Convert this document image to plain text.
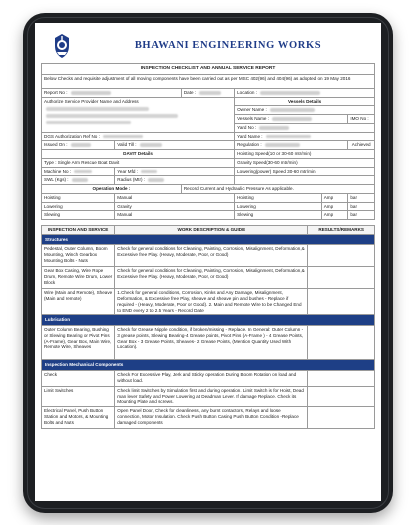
BHAWANI ENGINEERING WORKS
INSPECTION CHECKLIST AND ANNUAL SERVICE REPORT					
Below Checks and requisite adjustment of all moving components have been carried out as per MSC 402(96) and 404(96) as adopted on 19 May 2016					
Report No :		Date :	Location :		

Authorize Service Provider Name and Address			Vessels Details		
			Owner Name :		
			Vessels Name :		IMO No :
			Yard No :		
DGS Authorization Ref No :			Yard Name :		
Issued On :	Valid Till :		Regulation :		Achieved
DAVIT Details			Hoisting Speed(10 or 30-60 mtr/min)		
Type : Single Arm Rescue Boat Davit			Gravity Speed(30-60 mtr/min)		
Machine No :	Year Mfd :		Lowering(power) Speed 30-60 mtr/min		
SWL (Kgs) :	Radius (Mtr) :				
Operation Mode :		Record Current and Hydraulic Pressure As applicable.			
Hoisting	Manual		Hoisting	Amp	bar
Lowering	Gravity		Lowering	Amp	bar
Slewing	Manual		Slewing	Amp	bar
INSPECTION AND SERVICE	WORK DESCRIPTION & GUIDE	RESULTS/REMARKS
Structures		
Pedestal, Outer Column, Boom Mounting, Winch Gearbox Mounting Bolts - Nuts	Check for general conditions for Cleaning, Painting, Corrosion, Misalignment, Deformation,& Excessive free Play. (Heavy, Moderate, Poor, or Good)	
Gear Box Casing, Wire Rope Drum, Remote Wire Drum, Lower Block	Check for general conditions for Cleaning, Painting, Corrosion, Misalignment, Deformation,& Excessive free Play. (Heavy, Moderate, Poor, or Good)	
Wire (Main and Remote), Sheave (Main and remote)	1.Check for general conditions, Corrosion, Kinks and Any Damage, Misalignment, Deformation, & Excessive free Play, sheave and sheave pin and bushes - Replace if required - (Heavy, Moderate, Poor or Good). 2. Main and Remote Wire to be Changed End to END every 2 to 2.5 Years - Record Date	
Lubrication		
Outer Column Bearing, Bushing or Slewing Bearing or Pivot Pins (A-Frame), Gear Box, Main Wire, Remote Wire, Sheaves	Check for Grease Nipple condition, if broken/missing - Replace. In General: Outer Column - 3 grease points, Slewing Bearing-4 Grease points, Pivot Pins (A-Frame ) - 4 Grease Points, Gear Box - 3 Grease Points, Sheaves- 2 Grease Points, (Mention Quantity Used With Location).	
Inspection Mechanical Components		
Check	Check For Excessive Play, Jerk and Sticky operation During Boom Rotation on load and without load.	
Limit Switches	Check limit Switches by Simulation first and during operation. Limit Switch is for Hoist, Dead man lever Safety and Power Lowering at Deadman Lever. If damage Replace. Check its Mounting Plate and screws.	
Electrical Panel, Push Button Station and Motors, & Mounting Bolts and Nuts	Open Panel Door, Check for cleanliness, any burnt contactors, Relays and loose connection, Motor Insulation. Check Push Button Casing Push Button Condition -Replace damaged components	
